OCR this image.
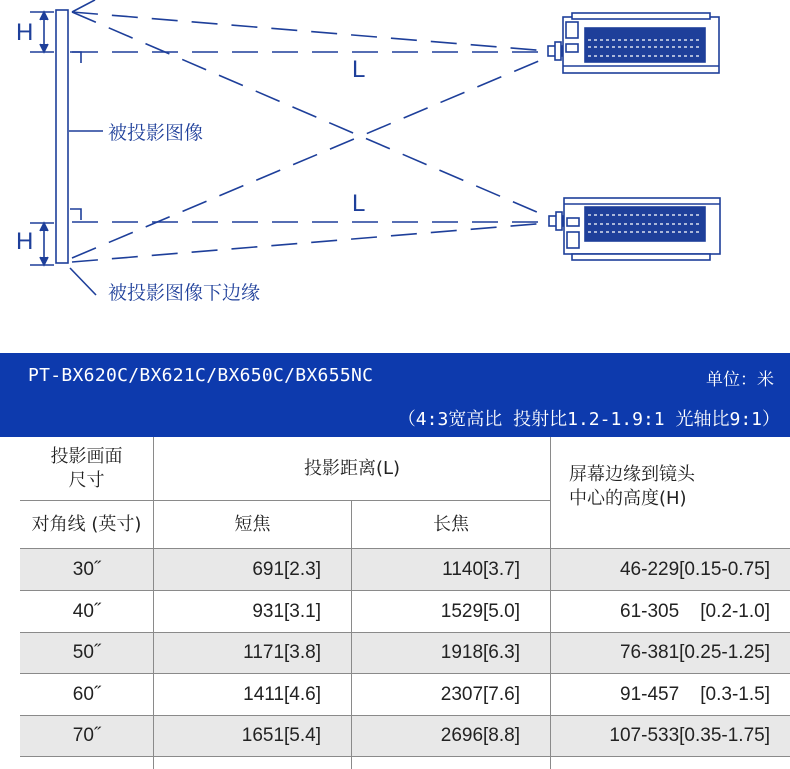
H
H
L
L
被投影图像
被投影图像下边缘
PT-BX620C/BX621C/BX650C/BX655NC	单位：米
（4:3宽高比 投射比1.2-1.9:1 光轴比9:1）
投影画面
尺寸
对角线 (英寸)
投影距离(L)
短焦	长焦
屏幕边缘到镜头
中心的高度(H)
30˝	691[2.3]	1140[3.7]	46-229[0.15-0.75]
40˝	931[3.1]	1529[5.0]	61-305    [0.2-1.0]
50˝	1171[3.8]	1918[6.3]	76-381[0.25-1.25]
60˝	1411[4.6]	2307[7.6]	91-457    [0.3-1.5]
70˝	1651[5.4]	2696[8.8]	107-533[0.35-1.75]
